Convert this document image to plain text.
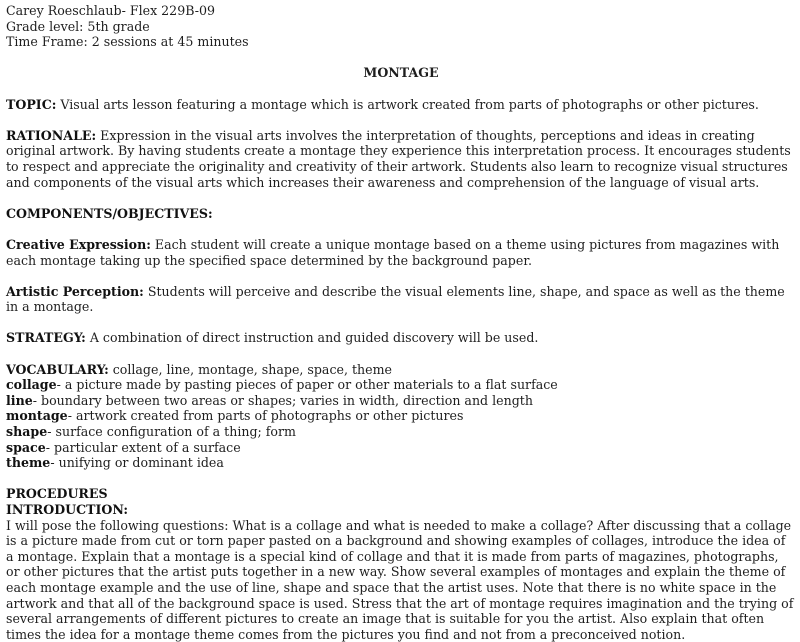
Carey Roeschlaub- Flex 229B-09
Grade level: 5th grade
Time Frame: 2 sessions at 45 minutes
MONTAGE

TOPIC: Visual arts lesson featuring a montage which is artwork created from parts of photographs or other pictures.

RATIONALE: Expression in the visual arts involves the interpretation of thoughts, perceptions and ideas in creating original artwork. By having students create a montage they experience this interpretation process. It encourages students to respect and appreciate the originality and creativity of their artwork. Students also learn to recognize visual structures and components of the visual arts which increases their awareness and comprehension of the language of visual arts.

COMPONENTS/OBJECTIVES:

Creative Expression: Each student will create a unique montage based on a theme using pictures from magazines with each montage taking up the specified space determined by the background paper.

Artistic Perception: Students will perceive and describe the visual elements line, shape, and space as well as the theme in a montage.

STRATEGY: A combination of direct instruction and guided discovery will be used.

VOCABULARY: collage, line, montage, shape, space, theme
collage- a picture made by pasting pieces of paper or other materials to a flat surface
line- boundary between two areas or shapes; varies in width, direction and length
montage- artwork created from parts of photographs or other pictures
shape- surface configuration of a thing; form
space- particular extent of a surface
theme- unifying or dominant idea
PROCEDURES
INTRODUCTION:
I will pose the following questions: What is a collage and what is needed to make a collage? After discussing that a collage is a picture made from cut or torn paper pasted on a background and showing examples of collages, introduce the idea of a montage. Explain that a montage is a special kind of collage and that it is made from parts of magazines, photographs, or other pictures that the artist puts together in a new way. Show several examples of montages and explain the theme of each montage example and the use of line, shape and space that the artist uses. Note that there is no white space in the artwork and that all of the background space is used. Stress that the art of montage requires imagination and the trying of several arrangements of different pictures to create an image that is suitable for you the artist. Also explain that often times the idea for a montage theme comes from the pictures you find and not from a preconceived notion.
